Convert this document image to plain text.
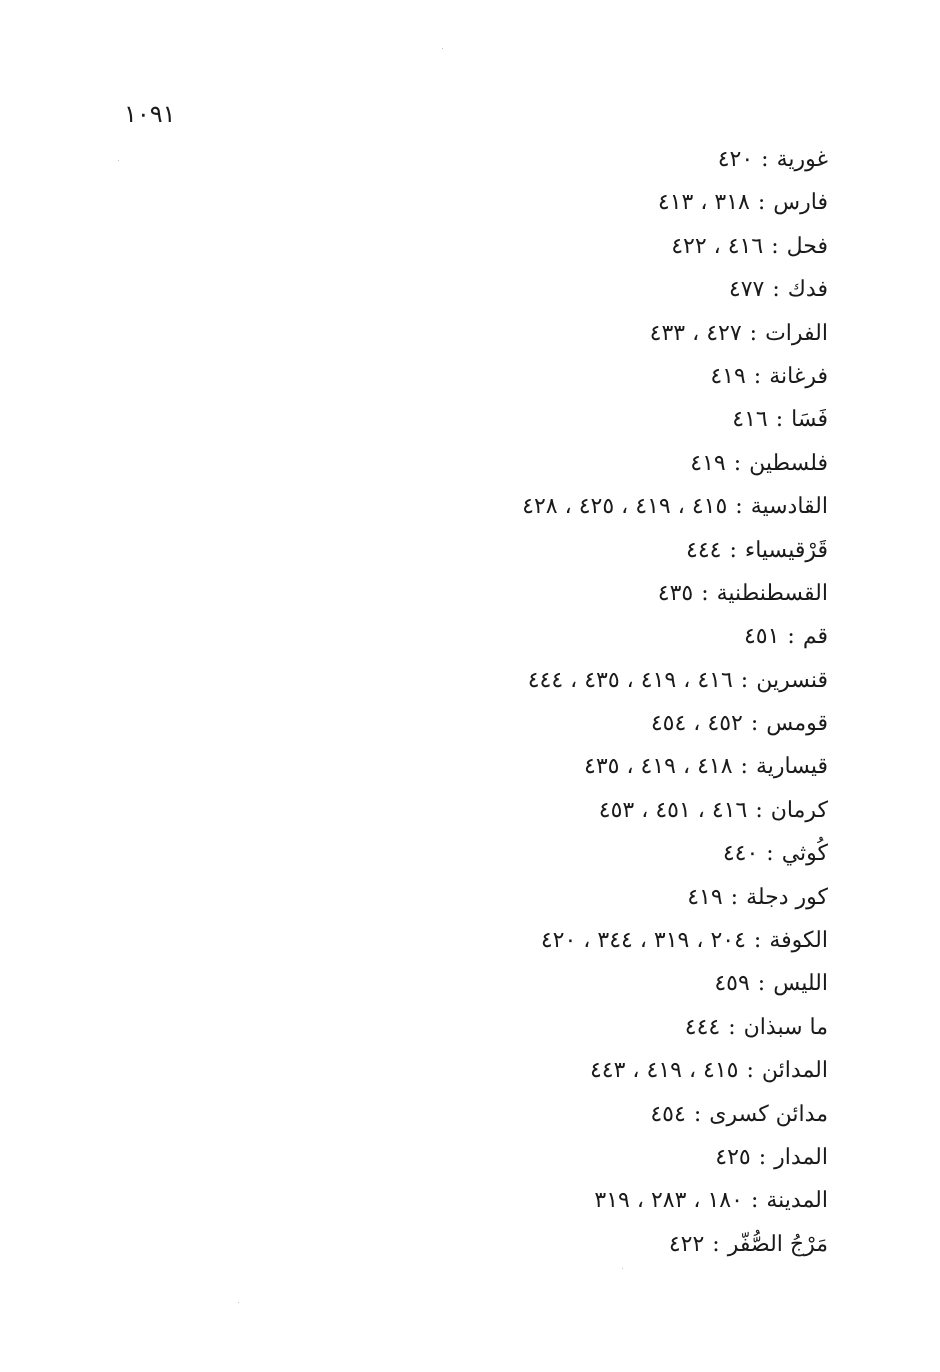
١٠٩١
غورية:٤٢٠
فارس:٣١٨ ، ٤١٣
فحل:٤١٦ ، ٤٢٢
فدك:٤٧٧
الفرات:٤٢٧ ، ٤٣٣
فرغانة:٤١٩
فَسَا:٤١٦
فلسطين:٤١٩
القادسية:٤١٥ ، ٤١٩ ، ٤٢٥ ، ٤٢٨
قَرْقيسياء:٤٤٤
القسطنطنية:٤٣٥
قم:٤٥١
قنسرين:٤١٦ ، ٤١٩ ، ٤٣٥ ، ٤٤٤
قومس:٤٥٢ ، ٤٥٤
قيسارية:٤١٨ ، ٤١٩ ، ٤٣٥
كرمان:٤١٦ ، ٤٥١ ، ٤٥٣
كُوثي:٤٤٠
كور دجلة:٤١٩
الكوفة:٢٠٤ ، ٣١٩ ، ٣٤٤ ، ٤٢٠
الليس:٤٥٩
ما سبذان:٤٤٤
المدائن:٤١٥ ، ٤١٩ ، ٤٤٣
مدائن كسرى:٤٥٤
المدار:٤٢٥
المدينة:١٨٠ ، ٢٨٣ ، ٣١٩
مَرْجُ الصُّفّر:٤٢٢
